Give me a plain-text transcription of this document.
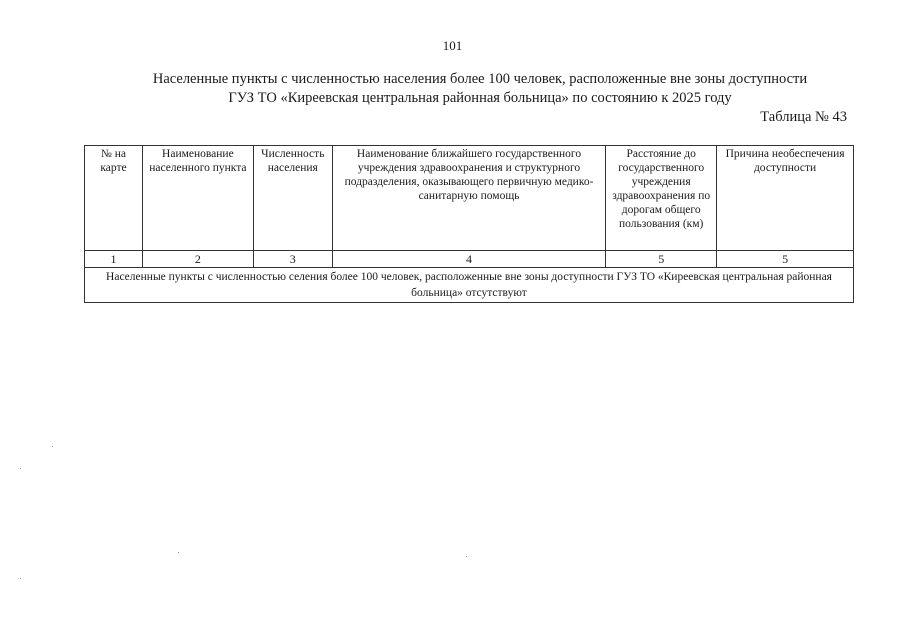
101
Населенные пункты с численностью населения более 100 человек, расположенные вне зоны доступности
ГУЗ ТО «Киреевская центральная районная больница» по состоянию к 2025 году
Таблица № 43
№ на карте	Наименование населенного пункта	Численность населения	Наименование ближайшего государственного учреждения здравоохранения и структурного подразделения, оказывающего первичную медико-санитарную помощь	Расстояние до государственного учреждения здравоохранения по дорогам общего пользования (км)	Причина необеспечения доступности
1	2	3	4	5	5
Населенные пункты с численностью селения более 100 человек, расположенные вне зоны доступности ГУЗ ТО «Киреевская центральная районная больница» отсутствуют					
